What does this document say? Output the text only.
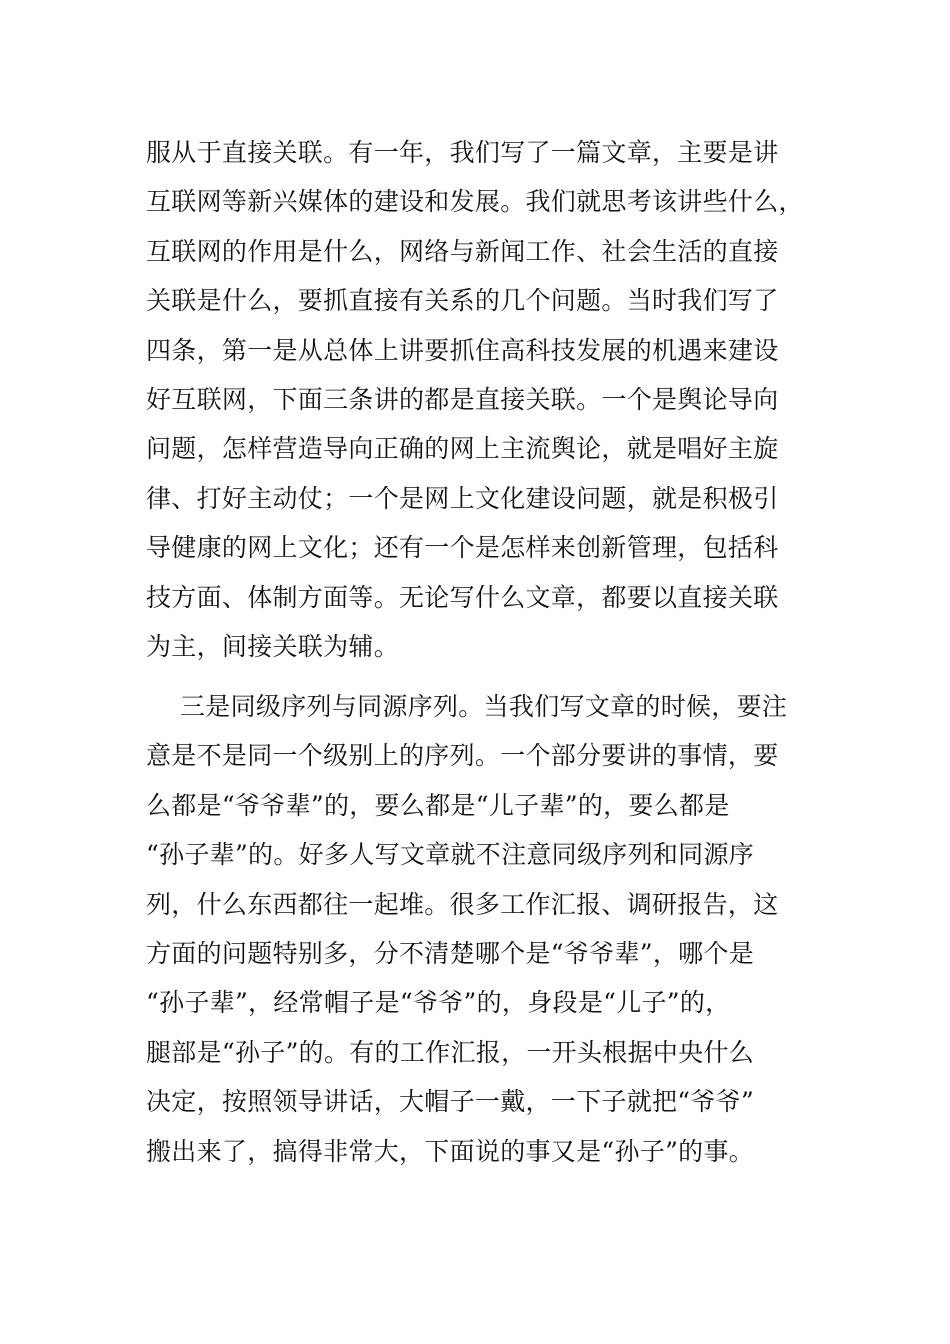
服从于直接关联。有一年，我们写了一篇文章，主要是讲
互联网等新兴媒体的建设和发展。我们就思考该讲些什么，
互联网的作用是什么，网络与新闻工作、社会生活的直接
关联是什么，要抓直接有关系的几个问题。当时我们写了
四条，第一是从总体上讲要抓住高科技发展的机遇来建设
好互联网，下面三条讲的都是直接关联。一个是舆论导向
问题，怎样营造导向正确的网上主流舆论，就是唱好主旋
律、打好主动仗；一个是网上文化建设问题，就是积极引
导健康的网上文化；还有一个是怎样来创新管理，包括科
技方面、体制方面等。无论写什么文章，都要以直接关联
为主，间接关联为辅。
三是同级序列与同源序列。当我们写文章的时候，要注
意是不是同一个级别上的序列。一个部分要讲的事情，要
么都是“爷爷辈”的，要么都是“儿子辈”的，要么都是
“孙子辈”的。好多人写文章就不注意同级序列和同源序
列，什么东西都往一起堆。很多工作汇报、调研报告，这
方面的问题特别多，分不清楚哪个是“爷爷辈”，哪个是
“孙子辈”，经常帽子是“爷爷”的，身段是“儿子”的，
腿部是“孙子”的。有的工作汇报，一开头根据中央什么
决定，按照领导讲话，大帽子一戴，一下子就把“爷爷”
搬出来了，搞得非常大，下面说的事又是“孙子”的事。
